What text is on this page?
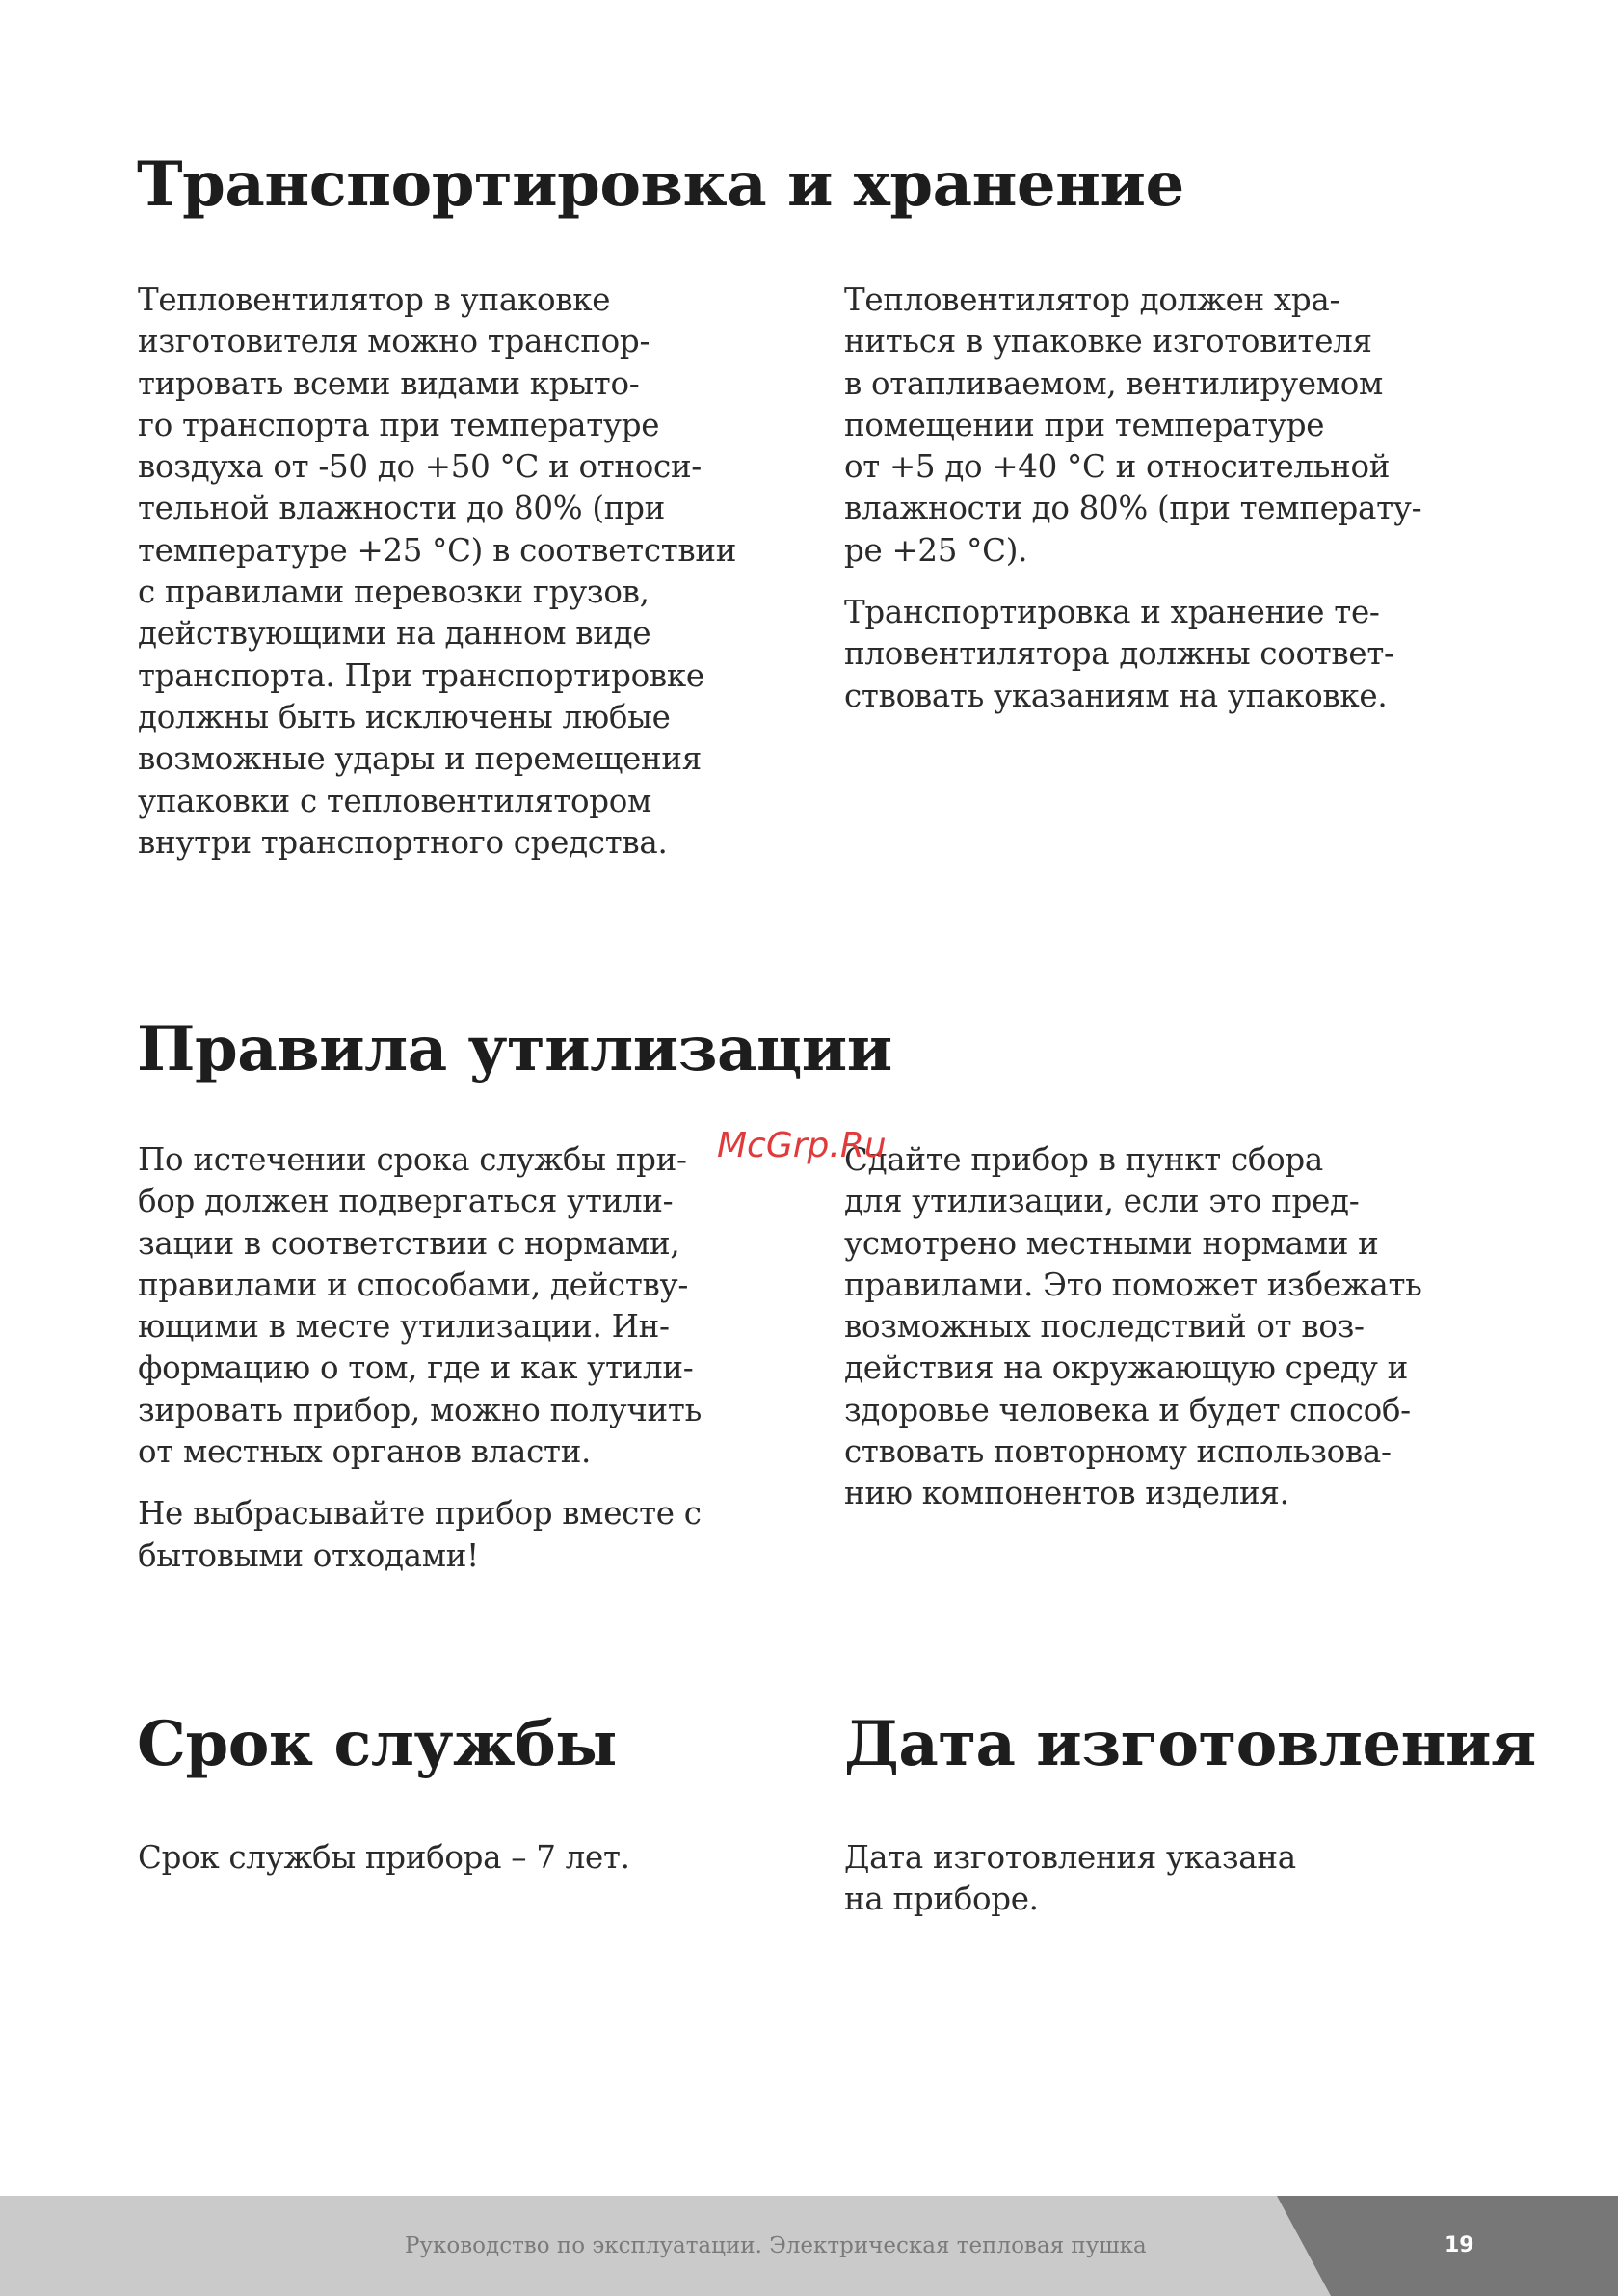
Транспортировка и хранение
Тепловентилятор в упаковке
изготовителя можно транспор-
тировать всеми видами крыто-
го транспорта при температуре
воздуха от -50 до +50 °С и относи-
тельной влажности до 80% (при
температуре +25 °С) в соответствии
с правилами перевозки грузов,
действующими на данном виде
транспорта. При транспортировке
должны быть исключены любые
возможные удары и перемещения
упаковки с тепловентилятором
внутри транспортного средства.
Тепловентилятор должен хра-
ниться в упаковке изготовителя
в отапливаемом, вентилируемом
помещении при температуре
от +5 до +40 °С и относительной
влажности до 80% (при температу-
ре +25 °С).
Транспортировка и хранение те-
пловентилятора должны соответ-
ствовать указаниям на упаковке.
Правила утилизации
По истечении срока службы при-
бор должен подвергаться утили-
зации в соответствии с нормами,
правилами и способами, действу-
ющими в месте утилизации. Ин-
формацию о том, где и как утили-
зировать прибор, можно получить
от местных органов власти.
Не выбрасывайте прибор вместе с
бытовыми отходами!
Сдайте прибор в пункт сбора
для утилизации, если это пред-
усмотрено местными нормами и
правилами. Это поможет избежать
возможных последствий от воз-
действия на окружающую среду и
здоровье человека и будет способ-
ствовать повторному использова-
нию компонентов изделия.
McGrp.Ru
Срок службы
Срок службы прибора – 7 лет.
Дата изготовления
Дата изготовления указана
на приборе.
Руководство по эксплуатации. Электрическая тепловая пушка	19
